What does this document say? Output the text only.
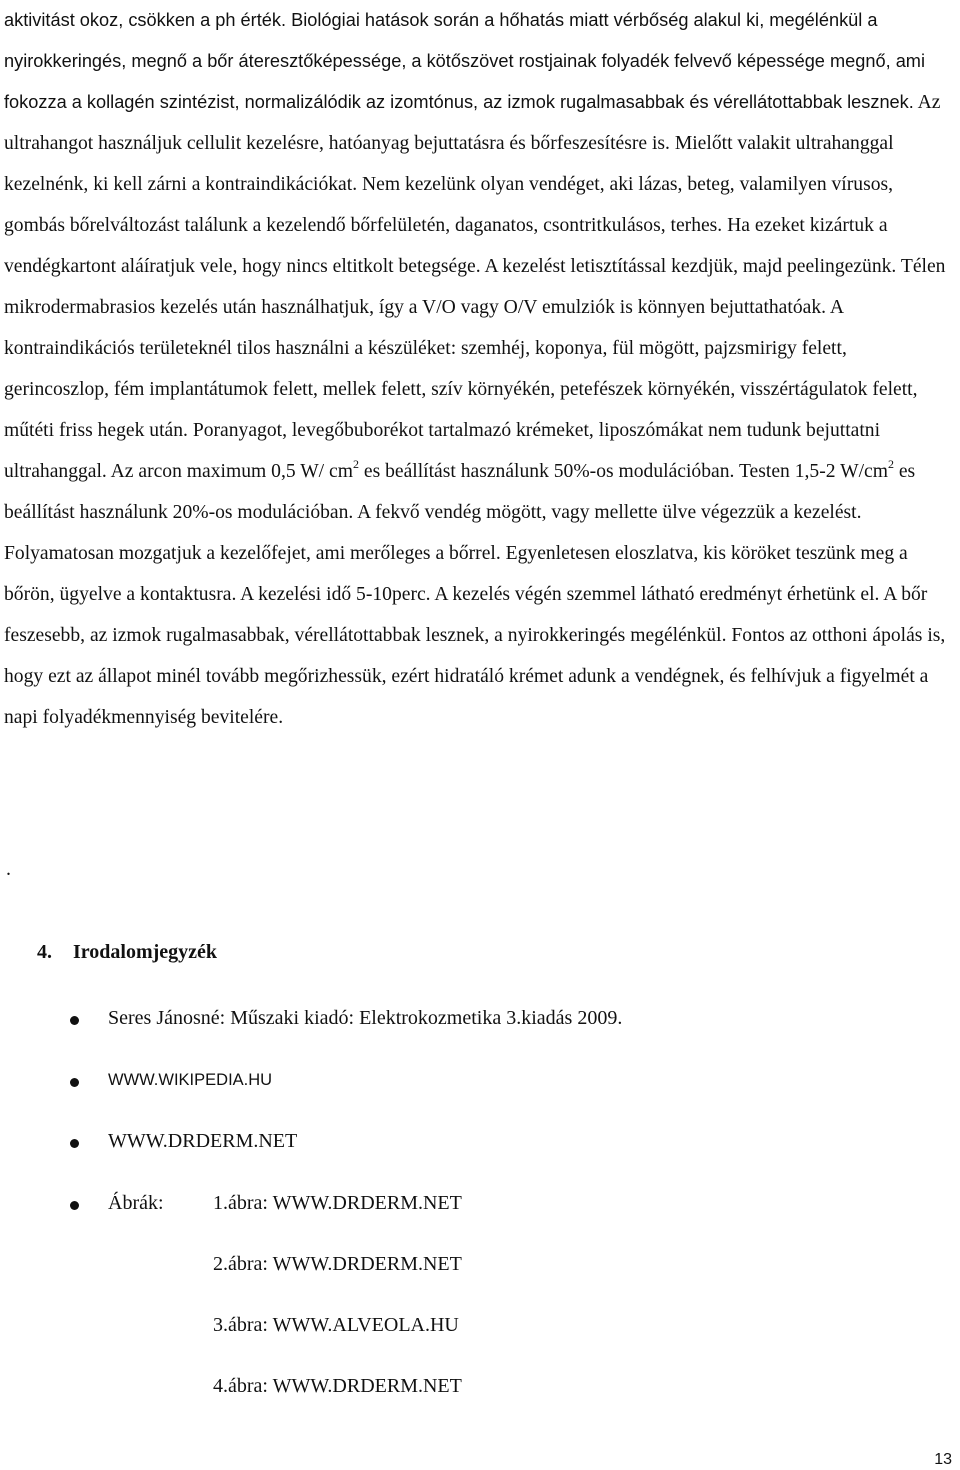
aktivitást okoz, csökken a ph érték. Biológiai hatások során a hőhatás miatt vérbőség alakul ki, megélénkül a nyirokkeringés, megnő a bőr áteresztőképessége, a kötőszövet rostjainak folyadék felvevő képessége megnő, ami fokozza a kollagén szintézist, normalizálódik az izomtónus, az izmok rugalmasabbak és vérellátottabbak lesznek. Az ultrahangot használjuk cellulit kezelésre, hatóanyag bejuttatásra és bőrfeszesítésre is. Mielőtt valakit ultrahanggal kezelnénk, ki kell zárni a kontraindikációkat. Nem kezelünk olyan vendéget, aki lázas, beteg, valamilyen vírusos, gombás bőrelváltozást találunk a kezelendő bőrfelületén, daganatos, csontritkulásos, terhes. Ha ezeket kizártuk a vendégkartont aláíratjuk vele, hogy nincs eltitkolt betegsége. A kezelést letisztítással kezdjük, majd peelingezünk. Télen mikrodermabrasios kezelés után használhatjuk, így a V/O vagy O/V emulziók is könnyen bejuttathatóak. A kontraindikációs területeknél tilos használni a készüléket: szemhéj, koponya, fül mögött, pajzsmirigy felett, gerincoszlop, fém implantátumok felett, mellek felett, szív környékén, petefészek környékén, visszértágulatok felett, műtéti friss hegek után. Poranyagot, levegőbuborékot tartalmazó krémeket, liposzómákat nem tudunk bejuttatni ultrahanggal. Az arcon maximum 0,5 W/ $cm^2$ es beállítást használunk 50%-os modulációban. Testen 1,5-2 $W/cm^2$ es beállítást használunk 20%-os modulációban. A fekvő vendég mögött, vagy mellette ülve végezzük a kezelést. Folyamatosan mozgatjuk a kezelőfejet, ami merőleges a bőrrel. Egyenletesen eloszlatva, kis köröket teszünk meg a bőrön, ügyelve a kontaktusra. A kezelési idő 5-10perc. A kezelés végén szemmel látható eredményt érhetünk el. A bőr feszesebb, az izmok rugalmasabbak, vérellátottabbak lesznek, a nyirokkeringés megélénkül. Fontos az otthoni ápolás is, hogy ezt az állapot minél tovább megőrizhessük, ezért hidratáló krémet adunk a vendégnek, és felhívjuk a figyelmét a napi folyadékmennyiség bevitelére.

.
4. Irodalomjegyzék
Seres Jánosné: Műszaki kiadó: Elektrokozmetika 3.kiadás 2009.
WWW.WIKIPEDIA.HU
WWW.DRDERM.NET
Ábrák: 1.ábra: WWW.DRDERM.NET
2.ábra: WWW.DRDERM.NET
3.ábra: WWW.ALVEOLA.HU
4.ábra: WWW.DRDERM.NET
13
